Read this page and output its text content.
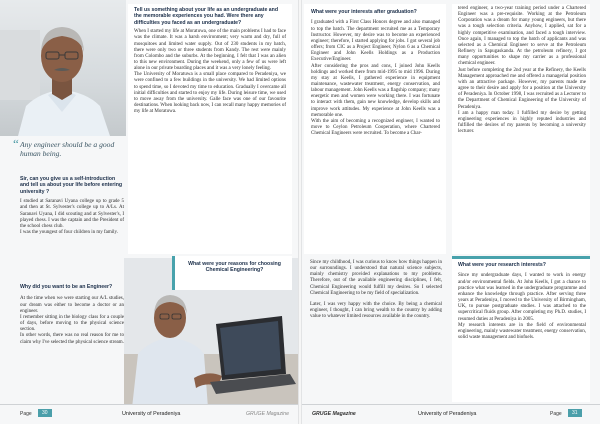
“ Any engineer should be a good human being.
Sir, can you give us a self-introduction and tell us about your life before entering university ?

I studied at Saranavi Uyana college up to grade 5 and then at St. Sylvester's college up to A/Ls. At Saranavi Uyana, I did scouting and at Sylvester's, I played chess. I was the captain and the President of the school chess club.

I was the youngest of four children in my family.

Why did you want to be an Engineer?

At the time when we were starting our A/L studies, our dream was either to become a doctor or an engineer.

I remember sitting in the biology class for a couple of days, before moving to the physical science section.

In other words, there was no real reason for me to claim why I've selected the physical science stream.

Tell us something about your life as an undergraduate and the memorable experiences you had. Were there any difficulties you faced as an undergraduate?

When I started my life at Moratuwa, one of the main problems I had to face was the climate. It was a harsh environment; very warm and dry, full of mosquitoes and limited water supply. Out of 230 students in my batch, there were only two or three students from Kandy. The rest were mainly from Colombo and the suburbs. At the beginning, I felt that I was an alien to this new environment. During the weekend, only a few of us were left alone in our private boarding places and it was a very lonely feeling.

The University of Moratuwa is a small place compared to Peradeniya, we were confined to a few buildings in the university. We had limited options to spend time, so I devoted my time to education. Gradually I overcame all initial difficulties and started to enjoy my life. During leisure time, we used to move away from the university. Galle face was one of our favourite destinations. When looking back now, I can recall many happy memories of my life at Moratuwa.

What were your reasons for choosing Chemical Engineering?
Page	30	University of Peradeniya	GRUGE Magazine
What were your interests after graduation?

I graduated with a First Class Honors degree and also managed to top the batch. The department recruited me as a Temporary Instructor. However, my desire was to become an experienced engineer; therefore, I started applying for jobs. I got several job offers; from CIC as a Project Engineer, Nylon 6 as a Chemical Engineer and John Keells Holdings as a Production Executive/Engineer.

After considering the pros and cons, I joined John Keells holdings and worked there from mid-1995 to mid 1996. During my stay at Keells, I gathered experience in equipment maintenance, wastewater treatment, energy conservation, and labour management. John Keells was a flagship company; many energetic men and women were working there. I was fortunate to interact with them, gain new knowledge, develop skills and improve work attitudes. My experience at John Keells was a memorable one.

With the aim of becoming a recognized engineer, I wanted to move to Ceylon Petroleum Cooperation, where Chartered Chemical Engineers were recruited. To become a Char-

tered engineer, a two-year training period under a Chartered Engineer was a pre-requisite. Working at the Petroleum Corporation was a dream for many young engineers, but there was a tough selection criteria. Anyhow, I applied, sat for a highly competitive examination, and faced a tough interview. Once again, I managed to top the batch of applicants and was selected as a Chemical Engineer to serve at the Petroleum Refinery in Sapugaskanda. At the petroleum refinery, I got many opportunities to shape my carrier as a professional chemical engineer.

Just before completing the 2nd year at the Refinery, the Keells Management approached me and offered a managerial position with an attractive package. However, my parents made me agree to their desire and apply for a position at the University of Peradeniya. In October 1998, I was recruited as a Lecturer to the Department of Chemical Engineering of the University of Peradeniya.

I am a happy man today. I fulfilled my desire by getting engineering experiences in highly reputed industries and fulfilled the desires of my parents by becoming a university lecturer.

Since my childhood, I was curious to know how things happen in our surroundings. I understood that natural science subjects, mainly chemistry provided explanations to my problems. Therefore, out of the available engineering disciplines, I felt, Chemical Engineering would fulfill my desires. So I selected Chemical Engineering to be my field of specialization.

Later, I was very happy with the choice. By being a chemical engineer, I thought, I can bring wealth to the country by adding value to whatever limited resources available in the country.

What were your research interests?

Since my undergraduate days, I wanted to work in energy and/or environmental fields. At John Keells, I got a chance to practice what was learned in the undergraduate programme and enhance the knowledge through practice. After serving three years at Peradeniya, I moved to the University of Birmingham, UK, to pursue postgraduate studies. I was attached to the supercritical fluids group. After completing my Ph.D. studies, I resumed duties at Peradeniya in 2005.

My research interests are in the field of environmental engineering, mainly wastewater treatment, energy conservation, solid waste management and biofuels.

GRUGE Magazine	University of Peradeniya	Page	31
